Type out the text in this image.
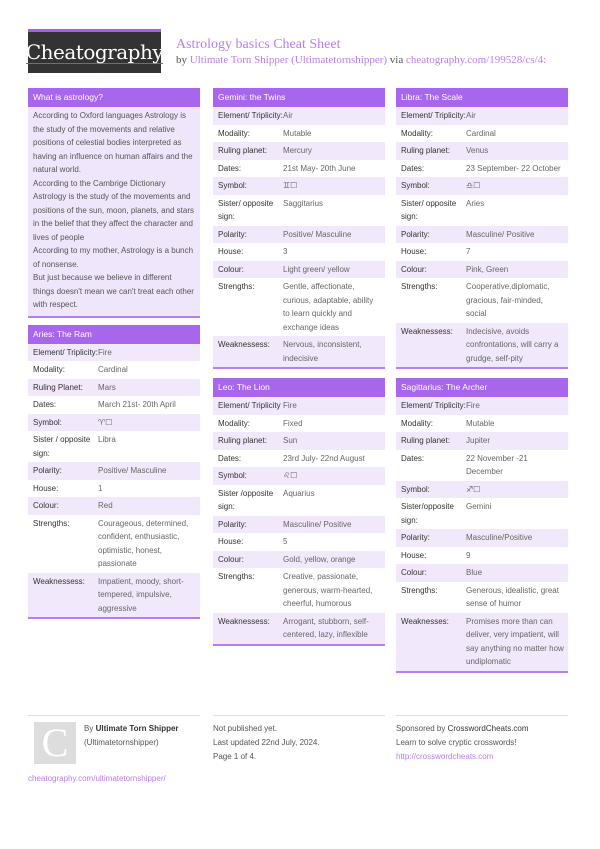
Cheatography Astrology basics Cheat Sheet
by Ultimate Torn Shipper (Ultimatetornshipper) via cheatography.com/199528/cs/4:
What is astrology?
According to Oxford languages Astrology is the study of the movements and relative positions of celestial bodies interpreted as having an influence on human affairs and the natural world.
According to the Cambrige Dictionary Astrology is the study of the movements and positions of the sun, moon, planets, and stars in the belief that they affect the character and lives of people
According to my mother, Astrology is a bunch of nonsense.
But just because we believe in different things doesn't mean we can't treat each other with respect.
Aries: The Ram
Element/ Triplicity: Fire
Modality:	Cardinal
Ruling Planet:	Mars
Dates:	March 21st- 20th April
Symbol:	♈︎☐
Sister / opposite sign:
Libra
Polarity:	Positive/ Masculine
House:	1
Colour:	Red
Strengths:	Courageous, determined, confident, enthusiastic, optimistic, honest, passionate
Weaknessess:	Impatient, moody, short-tempered, impulsive, aggressive
Gemini: the Twins
Element/ Triplicity: Air
Modality:	Mutable
Ruling planet:	Mercury
Dates:	21st May- 20th June
Symbol:	♊︎☐
Sister/ opposite sign:
Saggitarius
Polarity:	Positive/ Masculine
House:	3
Colour:	Light green/ yellow
Strengths:	Gentle, affectionate, curious, adaptable, ability to learn quickly and exchange ideas
Weaknessess:	Nervous, inconsistent, indecisive
Leo: The Lion
Element/ Triplicity Fire
Modality:	Fixed
Ruling planet:	Sun
Dates:	23rd July- 22nd August
Symbol:	♌︎☐
Sister /opposite sign:
Aquarius
Polarity:	Masculine/ Positive
House:	5
Colour:	Gold, yellow, orange
Strengths:	Creative, passionate, generous, warm-hearted, cheerful, humorous
Weaknessess:	Arrogant, stubborn, self-centered, lazy, inflexible
Libra: The Scale
Element/ Triplicity: Air
Modality:	Cardinal
Ruling planet:	Venus
Dates:	23 September- 22 October
Symbol:	♎︎☐
Sister/ opposite sign:
Aries
Polarity:	Masculine/ Positive
House:	7
Colour:	Pink, Green
Strengths:	Cooperative,diplomatic, gracious, fair-minded, social
Weaknessess:	Indecisive, avoids confrontations, will carry a grudge, self-pity
Sagittarius: The Archer
Element/ Triplicity: Fire
Modality:	Mutable
Ruling planet:	Jupiter
Dates:	22 November -21 December
Symbol:	♐︎☐
Sister/opposite sign:
Gemini
Polarity:	Masculine/Positive
House:	9
Colour:	Blue
Strengths:	Generous, idealistic, great sense of humor
Weaknesses:	Promises more than can deliver, very impatient, will say anything no matter how undiplomatic
C	By Ultimate Torn Shipper
(Ultimatetornshipper)
cheatography.com/ultimatetornshipper/
Not published yet.
Last updated 22nd July, 2024.
Page 1 of 4.
Sponsored by CrosswordCheats.com
Learn to solve cryptic crosswords!
http://crosswordcheats.com
